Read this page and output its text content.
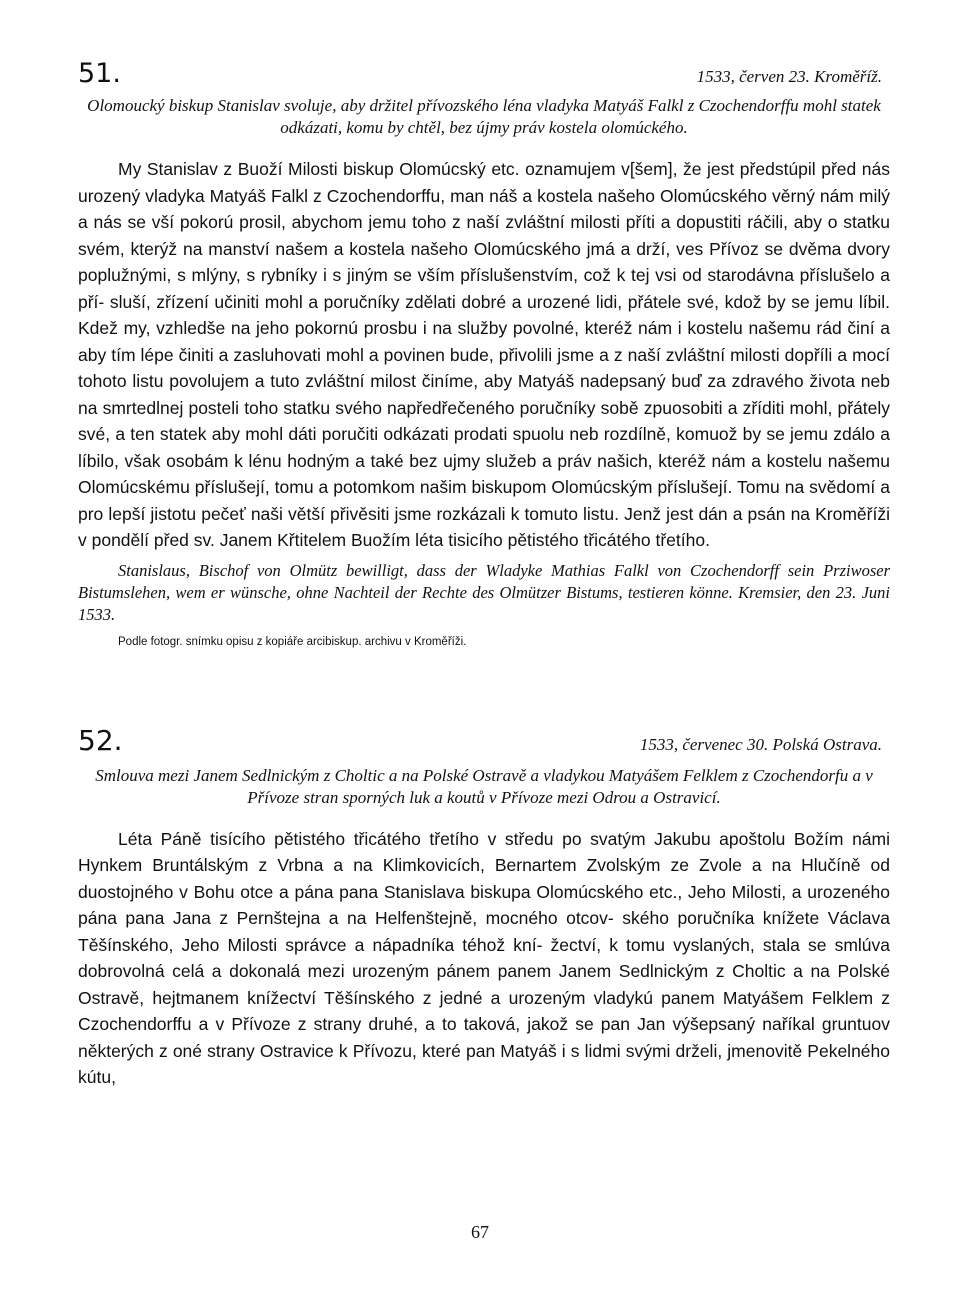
51.	1533, červen 23. Kroměříž.

Olomoucký biskup Stanislav svoluje, aby držitel přívozského léna vladyka Matyáš Falkl z Czochendorffu mohl statek odkázati, komu by chtěl, bez újmy práv kostela olomúckého.

My Stanislav z Buoží Milosti biskup Olomúcský etc. oznamujem v[šem], že jest předstúpil před nás urozený vladyka Matyáš Falkl z Czochendorffu, man náš a kostela našeho Olomúcského věrný nám milý a nás se vší pokorú prosil, abychom jemu toho z naší zvláštní milosti příti a dopustiti ráčili, aby o statku svém, kterýž na manství našem a kostela našeho Olomúcského jmá a drží, ves Přívoz se dvěma dvory poplužnými, s mlýny, s rybníky i s jiným se vším příslušenstvím, což k tej vsi od starodávna příslušelo a pří- sluší, zřízení učiniti mohl a poručníky zdělati dobré a urozené lidi, přátele své, kdož by se jemu líbil. Kdež my, vzhledše na jeho pokornú prosbu i na služby povolné, kteréž nám i kostelu našemu rád činí a aby tím lépe činiti a zasluhovati mohl a povinen bude, přivolili jsme a z naší zvláštní milosti dopříli a mocí tohoto listu povolujem a tuto zvláštní milost činíme, aby Matyáš nadepsaný buď za zdravého života neb na smrtedlnej posteli toho statku svého napředřečeného poručníky sobě zpuosobiti a zříditi mohl, přátely své, a ten statek aby mohl dáti poručiti odkázati prodati spuolu neb rozdílně, komuož by se jemu zdálo a líbilo, však osobám k lénu hodným a také bez ujmy služeb a práv našich, kteréž nám a kostelu našemu Olomúcskému příslušejí, tomu a potomkom našim biskupom Olomúcským příslušejí. Tomu na svědomí a pro lepší jistotu pečeť naši větší přivěsiti jsme rozkázali k tomuto listu. Jenž jest dán a psán na Kroměříži v pondělí před sv. Janem Křtitelem Buožím léta tisicího pětistého třicátého třetího.

Stanislaus, Bischof von Olmütz bewilligt, dass der Wladyke Mathias Falkl von Czochendorff sein Prziwoser Bistumslehen, wem er wünsche, ohne Nachteil der Rechte des Olmützer Bistums, testieren könne. Kremsier, den 23. Juni 1533.

Podle fotogr. snímku opisu z kopiáře arcibiskup. archivu v Kroměříži.

52.	1533, červenec 30. Polská Ostrava.

Smlouva mezi Janem Sedlnickým z Choltic a na Polské Ostravě a vladykou Matyášem Felklem z Czochendorfu a v Přívoze stran sporných luk a koutů v Přívoze mezi Odrou a Ostravicí.

Léta Páně tisícího pětistého třicátého třetího v středu po svatým Jakubu apoštolu Božím námi Hynkem Bruntálským z Vrbna a na Klimkovicích, Bernartem Zvolským ze Zvole a na Hlučíně od duostojného v Bohu otce a pána pana Stanislava biskupa Olomúcského etc., Jeho Milosti, a urozeného pána pana Jana z Pernštejna a na Helfenštejně, mocného otcov- ského poručníka knížete Václava Těšínského, Jeho Milosti správce a nápadníka téhož kní- žectví, k tomu vyslaných, stala se smlúva dobrovolná celá a dokonalá mezi urozeným pánem panem Janem Sedlnickým z Choltic a na Polské Ostravě, hejtmanem knížectví Těšínského z jedné a urozeným vladykú panem Matyášem Felklem z Czochendorffu a v Přívoze z strany druhé, a to taková, jakož se pan Jan výšepsaný naříkal gruntuov některých z oné strany Ostravice k Přívozu, které pan Matyáš i s lidmi svými drželi, jmenovitě Pekelného kútu,

67
